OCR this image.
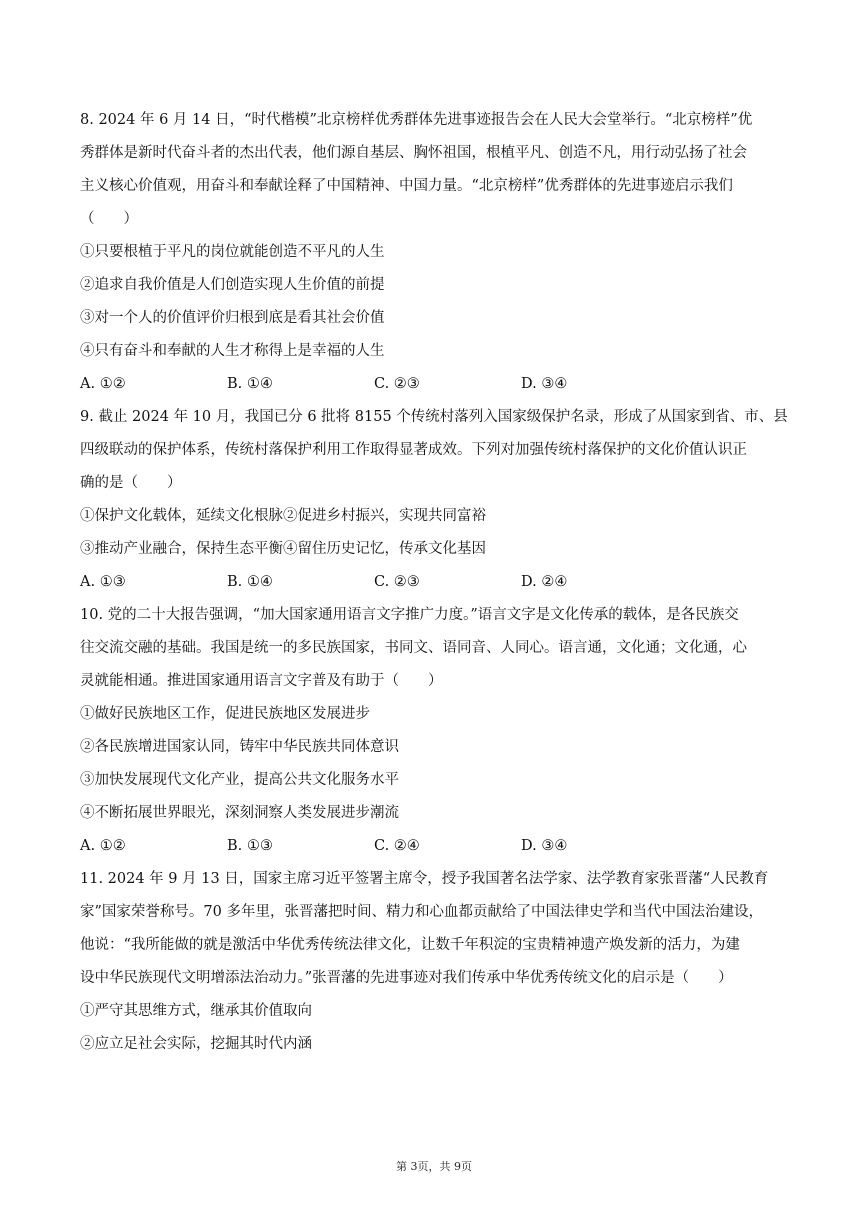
8. 2024 年 6 月 14 日，“时代楷模”北京榜样优秀群体先进事迹报告会在人民大会堂举行。“北京榜样”优
秀群体是新时代奋斗者的杰出代表，他们源自基层、胸怀祖国，根植平凡、创造不凡，用行动弘扬了社会
主义核心价值观，用奋斗和奉献诠释了中国精神、中国力量。“北京榜样”优秀群体的先进事迹启示我们
（　　）
①只要根植于平凡的岗位就能创造不平凡的人生
②追求自我价值是人们创造实现人生价值的前提
③对一个人的价值评价归根到底是看其社会价值
④只有奋斗和奉献的人生才称得上是幸福的人生
A. ①②	B. ①④	C. ②③	D. ③④
9. 截止 2024 年 10 月，我国已分 6 批将 8155 个传统村落列入国家级保护名录，形成了从国家到省、市、县
四级联动的保护体系，传统村落保护利用工作取得显著成效。下列对加强传统村落保护的文化价值认识正
确的是（　　）
①保护文化载体，延续文化根脉②促进乡村振兴，实现共同富裕
③推动产业融合，保持生态平衡④留住历史记忆，传承文化基因
A. ①③	B. ①④	C. ②③	D. ②④
10. 党的二十大报告强调，“加大国家通用语言文字推广力度。”语言文字是文化传承的载体，是各民族交
往交流交融的基础。我国是统一的多民族国家，书同文、语同音、人同心。语言通，文化通；文化通，心
灵就能相通。推进国家通用语言文字普及有助于（　　）
①做好民族地区工作，促进民族地区发展进步
②各民族增进国家认同，铸牢中华民族共同体意识
③加快发展现代文化产业，提高公共文化服务水平
④不断拓展世界眼光，深刻洞察人类发展进步潮流
A. ①②	B. ①③	C. ②④	D. ③④
11. 2024 年 9 月 13 日，国家主席习近平签署主席令，授予我国著名法学家、法学教育家张晋藩“人民教育
家”国家荣誉称号。70 多年里，张晋藩把时间、精力和心血都贡献给了中国法律史学和当代中国法治建设，
他说：“我所能做的就是激活中华优秀传统法律文化，让数千年积淀的宝贵精神遗产焕发新的活力，为建
设中华民族现代文明增添法治动力。”张晋藩的先进事迹对我们传承中华优秀传统文化的启示是（　　）
①严守其思维方式，继承其价值取向
②应立足社会实际，挖掘其时代内涵
第 3页，共 9页
